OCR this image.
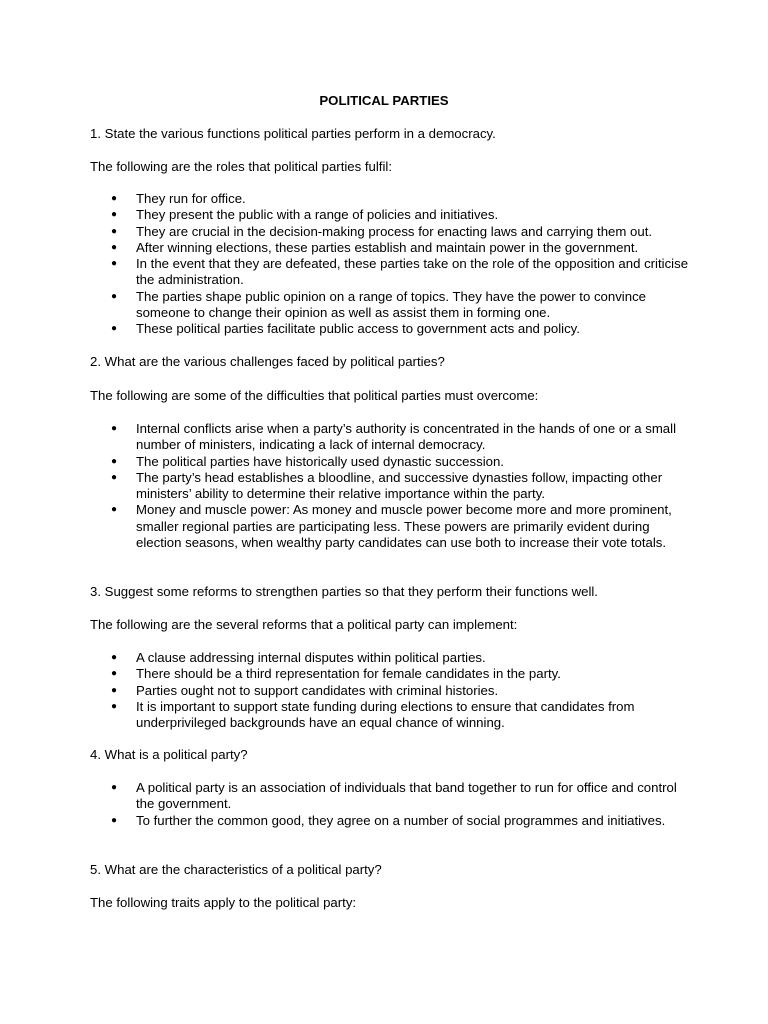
POLITICAL PARTIES

1. State the various functions political parties perform in a democracy.

The following are the roles that political parties fulfil:

● They run for office.
● They present the public with a range of policies and initiatives.
● They are crucial in the decision-making process for enacting laws and carrying them out.
● After winning elections, these parties establish and maintain power in the government.
● In the event that they are defeated, these parties take on the role of the opposition and criticise the administration.
● The parties shape public opinion on a range of topics. They have the power to convince someone to change their opinion as well as assist them in forming one.
● These political parties facilitate public access to government acts and policy.

2. What are the various challenges faced by political parties?

The following are some of the difficulties that political parties must overcome:

● Internal conflicts arise when a party’s authority is concentrated in the hands of one or a small number of ministers, indicating a lack of internal democracy.
● The political parties have historically used dynastic succession.
● The party’s head establishes a bloodline, and successive dynasties follow, impacting other ministers’ ability to determine their relative importance within the party.
● Money and muscle power: As money and muscle power become more and more prominent, smaller regional parties are participating less. These powers are primarily evident during election seasons, when wealthy party candidates can use both to increase their vote totals.

3. Suggest some reforms to strengthen parties so that they perform their functions well.

The following are the several reforms that a political party can implement:

● A clause addressing internal disputes within political parties.
● There should be a third representation for female candidates in the party.
● Parties ought not to support candidates with criminal histories.
● It is important to support state funding during elections to ensure that candidates from underprivileged backgrounds have an equal chance of winning.

4. What is a political party?

● A political party is an association of individuals that band together to run for office and control the government.
● To further the common good, they agree on a number of social programmes and initiatives.

5. What are the characteristics of a political party?

The following traits apply to the political party:
